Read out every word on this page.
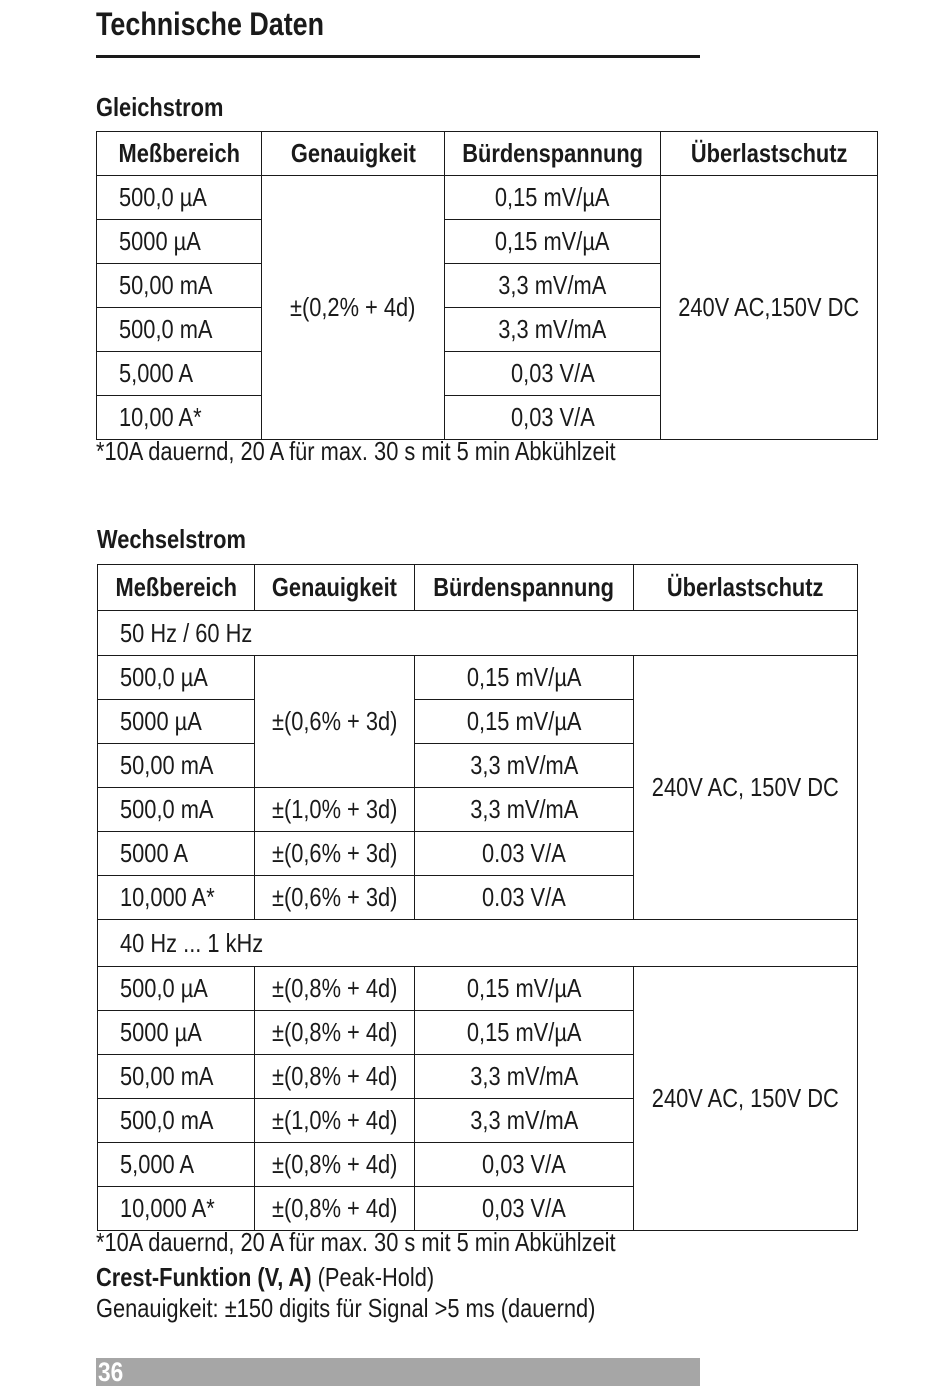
Technische Daten
Gleichstrom
Meßbereich	Genauigkeit	Bürdenspannung	Überlastschutz
500,0 µA	±(0,2% + 4d)	0,15 mV/µA	240V AC,150V DC
5000 µA		0,15 mV/µA	
50,00 mA		3,3 mV/mA	
500,0 mA		3,3 mV/mA	
5,000 A		0,03 V/A	
10,00 A*		0,03 V/A	
*10A dauernd, 20 A für max. 30 s mit 5 min Abkühlzeit
Wechselstrom
Meßbereich	Genauigkeit	Bürdenspannung	Überlastschutz
50 Hz / 60 Hz			
500,0 µA	±(0,6% + 3d)	0,15 mV/µA	240V AC, 150V DC
5000 µA		0,15 mV/µA	
50,00 mA		3,3 mV/mA	
500,0 mA	±(1,0% + 3d)	3,3 mV/mA	
5000 A	±(0,6% + 3d)	0.03 V/A	
10,000 A*	±(0,6% + 3d)	0.03 V/A	
40 Hz ... 1 kHz			
500,0 µA	±(0,8% + 4d)	0,15 mV/µA	240V AC, 150V DC
5000 µA	±(0,8% + 4d)	0,15 mV/µA	
50,00 mA	±(0,8% + 4d)	3,3 mV/mA	
500,0 mA	±(1,0% + 4d)	3,3 mV/mA	
5,000 A	±(0,8% + 4d)	0,03 V/A	
10,000 A*	±(0,8% + 4d)	0,03 V/A	
*10A dauernd, 20 A für max. 30 s mit 5 min Abkühlzeit
Crest-Funktion (V, A) (Peak-Hold)
Genauigkeit: ±150 digits für Signal >5 ms (dauernd)
36
